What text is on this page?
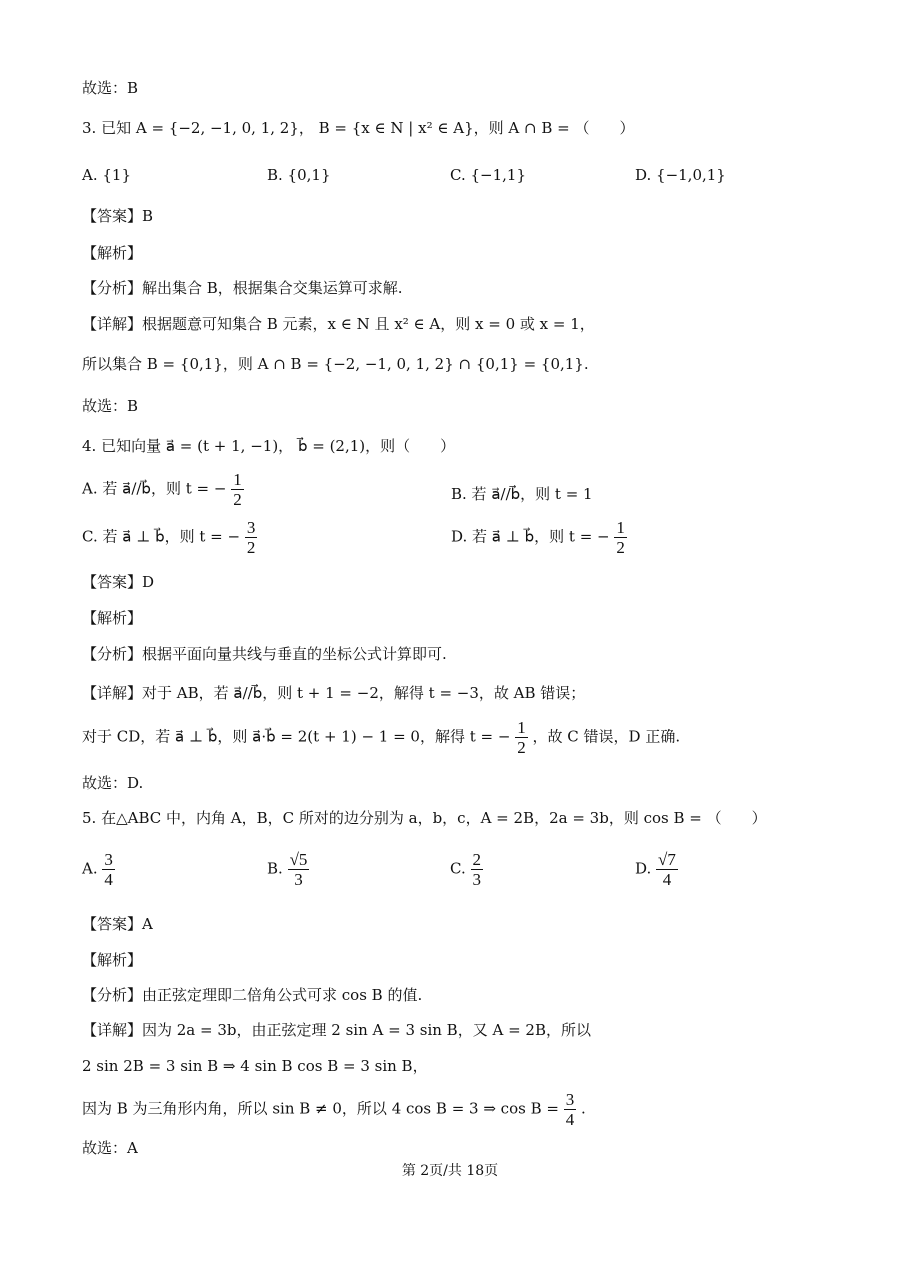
故选：B
3. 已知 A = {−2, −1, 0, 1, 2}， B = {x ∈ N | x² ∈ A}，则 A ∩ B = （　　）
A. {1}	B. {0,1}	C. {−1,1}	D. {−1,0,1}
【答案】B
【解析】
【分析】解出集合 B，根据集合交集运算可求解.
【详解】根据题意可知集合 B 元素，x ∈ N 且 x² ∈ A，则 x = 0 或 x = 1，
所以集合 B = {0,1}，则 A ∩ B = {−2, −1, 0, 1, 2} ∩ {0,1} = {0,1}.
故选：B
4. 已知向量 a⃗ = (t + 1, −1)， b⃗ = (2,1)，则（　　）
A. 若 a⃗//b⃗，则 t = − $\frac{1}{2}$	B. 若 a⃗//b⃗，则 t = 1
C. 若 a⃗ ⊥ b⃗，则 t = − $\frac{3}{2}$	D. 若 a⃗ ⊥ b⃗，则 t = − $\frac{1}{2}$
【答案】D
【解析】
【分析】根据平面向量共线与垂直的坐标公式计算即可.
【详解】对于 AB，若 a⃗//b⃗，则 t + 1 = −2，解得 t = −3，故 AB 错误；
对于 CD，若 a⃗ ⊥ b⃗，则 a⃗·b⃗ = 2(t + 1) − 1 = 0，解得 t = − $\frac{1}{2}$ ，故 C 错误，D 正确.
故选：D.
5. 在△ABC 中，内角 A，B，C 所对的边分别为 a，b，c，A = 2B，2a = 3b，则 cos B = （　　）
A. $\frac{3}{4}$	B. $\frac{√5}{3}$	C. $\frac{2}{3}$	D. $\frac{√7}{4}$
【答案】A
【解析】
【分析】由正弦定理即二倍角公式可求 cos B 的值.
【详解】因为 2a = 3b，由正弦定理 2 sin A = 3 sin B，又 A = 2B，所以
2 sin 2B = 3 sin B ⇒ 4 sin B cos B = 3 sin B，
因为 B 为三角形内角，所以 sin B ≠ 0，所以 4 cos B = 3 ⇒ $\cos B = \frac{3}{4}$ .
故选：A
第 2页/共 18页
